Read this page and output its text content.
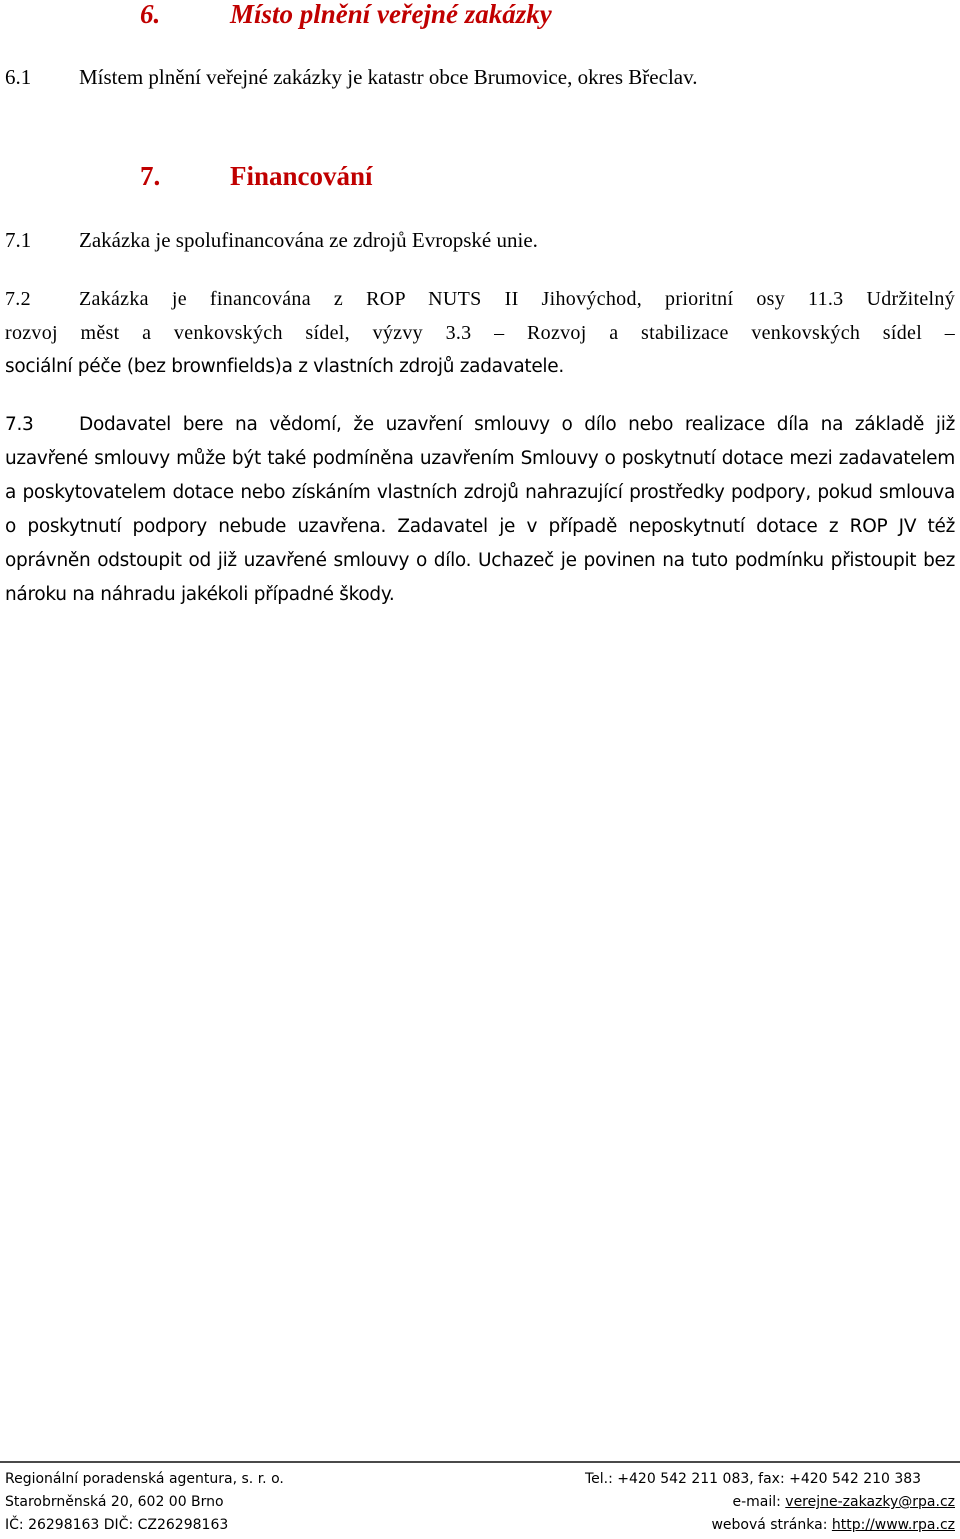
6.	Místo plnění veřejné zakázky
6.1 Místem plnění veřejné zakázky je katastr obce Brumovice, okres Břeclav.
7.	Financování
7.1 Zakázka je spolufinancována ze zdrojů Evropské unie.
7.2 Zakázka je financována z ROP NUTS II Jihovýchod, prioritní osy 11.3 Udržitelný
rozvoj měst a venkovských sídel, výzvy 3.3 – Rozvoj a stabilizace venkovských sídel –
sociální péče (bez brownfields)a z vlastních zdrojů zadavatele.
7.3 Dodavatel bere na vědomí, že uzavření smlouvy o dílo nebo realizace díla na základě již uzavřené smlouvy může být také podmíněna uzavřením Smlouvy o poskytnutí dotace mezi zadavatelem a poskytovatelem dotace nebo získáním vlastních zdrojů nahrazující prostředky podpory, pokud smlouva o poskytnutí podpory nebude uzavřena. Zadavatel je v případě neposkytnutí dotace z ROP JV též oprávněn odstoupit od již uzavřené smlouvy o dílo. Uchazeč je povinen na tuto podmínku přistoupit bez nároku na náhradu jakékoli případné škody.
Regionální poradenská agentura, s. r. o.	Tel.: +420 542 211 083, fax: +420 542 210 383
Starobrněnská 20, 602 00 Brno	e-mail: verejne-zakazky@rpa.cz
IČ: 26298163 DIČ: CZ26298163	webová stránka: http://www.rpa.cz
